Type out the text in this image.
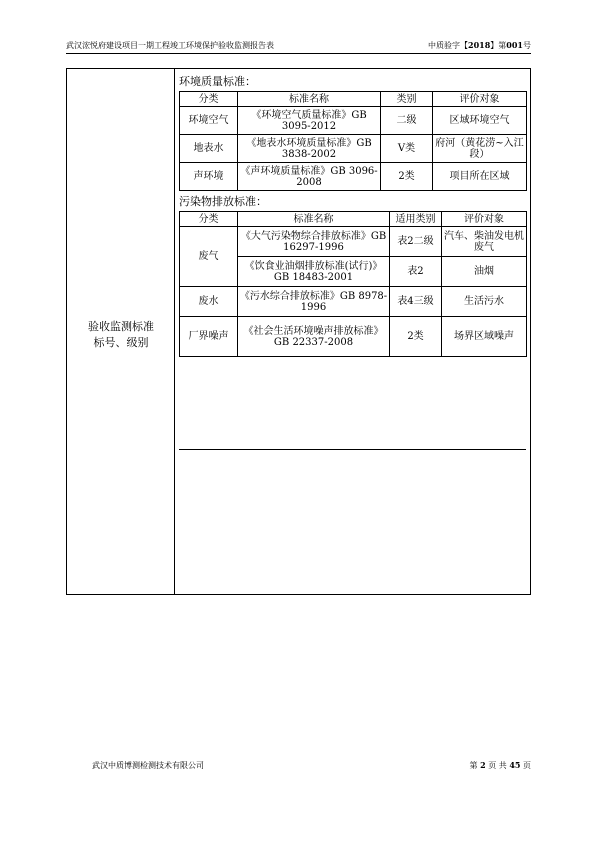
武汉浤悦府建设项目一期工程竣工环境保护验收监测报告表	中质验字【2018】第001号
验收监测标准
标号、级别
环境质量标准：
分类	标准名称	类别	评价对象
环境空气	《环境空气质量标准》GB 3095-2012	二级	区域环境空气
地表水	《地表水环境质量标准》GB 3838-2002	Ⅴ类	府河（黄花涝~入江段）
声环境	《声环境质量标准》GB 3096-2008	2类	项目所在区域
污染物排放标准：
分类	标准名称	适用类别	评价对象
废气	《大气污染物综合排放标准》GB 16297-1996	表2二级	汽车、柴油发电机废气
	《饮食业油烟排放标准(试行)》 GB 18483-2001	表2	油烟
废水	《污水综合排放标准》GB 8978-1996	表4三级	生活污水
厂界噪声	《社会生活环境噪声排放标准》 GB 22337-2008	2类	场界区域噪声
武汉中质博测检测技术有限公司	第 2 页 共 45 页
